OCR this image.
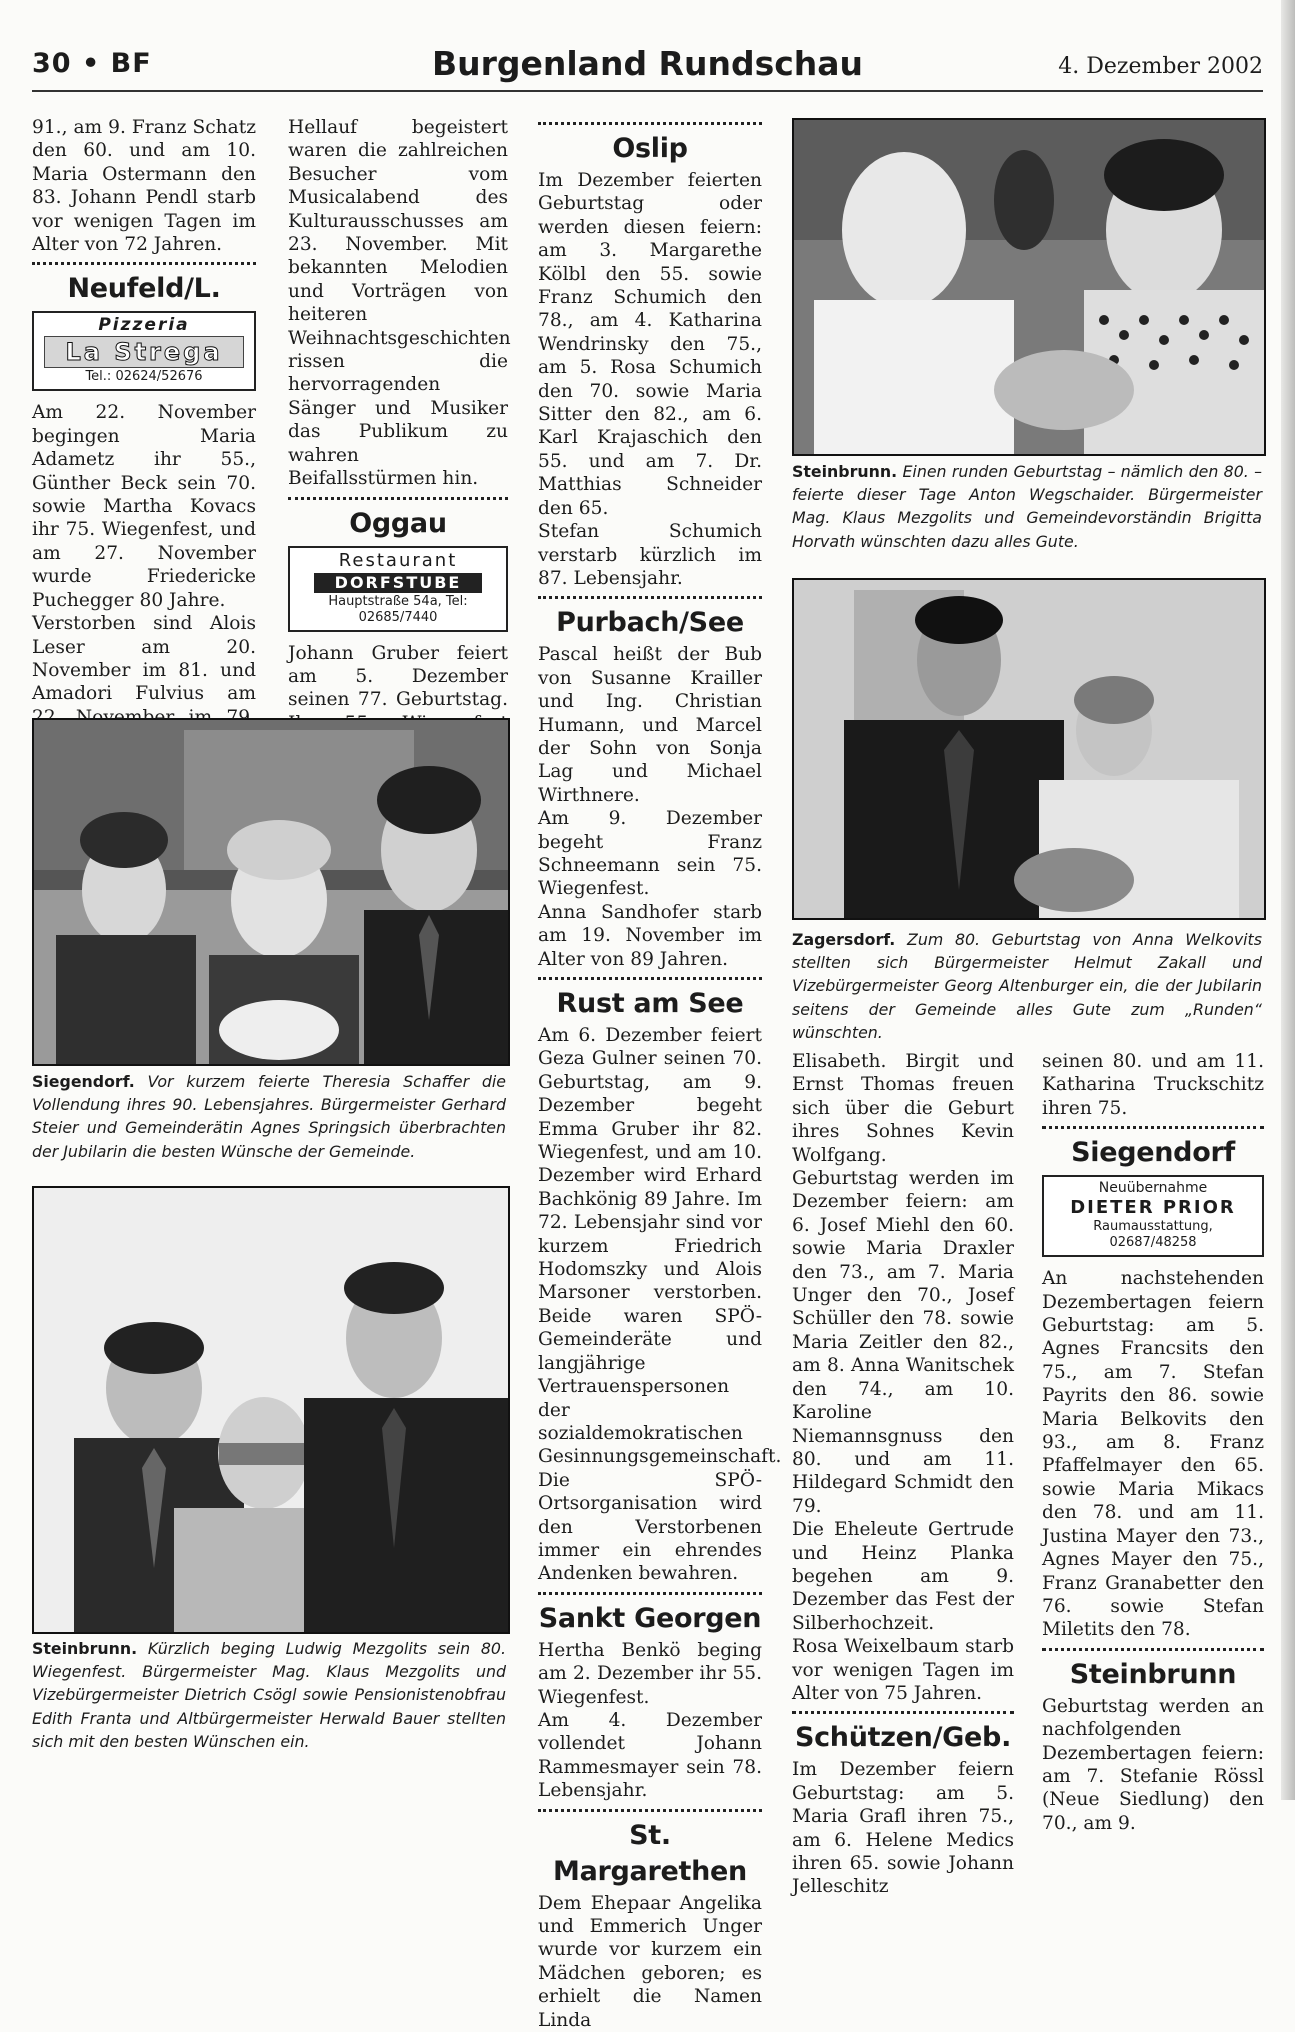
30 • BF	Burgenland Rundschau	4. Dezember 2002

91., am 9. Franz Schatz den 60. und am 10. Maria Ostermann den 83. Johann Pendl starb vor wenigen Tagen im Alter von 72 Jahren.

Neufeld/L.
Pizzeria
La Strega
Tel.: 02624/52676

Am 22. November begingen Maria Adametz ihr 55., Günther Beck sein 70. sowie Martha Kovacs ihr 75. Wiegenfest, und am 27. November wurde Friedericke Puchegger 80 Jahre.

Verstorben sind Alois Leser am 20. November im 81. und Amadori Fulvius am

Hellauf begeistert waren die zahlreichen Besucher vom Musicalabend des Kulturausschusses am 23. November. Mit bekannten Melodien und Vorträgen von heiteren Weihnachtsgeschichten rissen die hervorragenden Sänger und Musiker das Publikum zu wahren Beifallsstürmen hin.

Oggau
Restaurant
DORFSTUBE
Hauptstraße 54a, Tel: 02685/7440

Johann Gruber feiert am 5. Dezember seinen 77. Geburtstag.

Oslip

Im Dezember feierten Geburtstag oder werden diesen feiern: am 3. Margarethe Kölbl den 55. sowie Franz Schumich den 78., am 4. Katharina Wendrinsky den 75., am 5. Rosa Schumich den 70. sowie Maria Sitter den 82., am 6. Karl Krajaschich den 55. und am 7. Dr. Matthias Schneider den 65.

Stefan Schumich verstarb kürzlich im 87. Lebensjahr.

Purbach/See

Pascal heißt der Bub von Susanne Krailler und Ing. Christian Humann, und Marcel der Sohn von Sonja Lag und Michael Wirthnere.

Am 9. Dezember begeht Franz Schneemann sein 75. Wiegenfest.

Anna Sandhofer starb am 19. November im Alter von 89 Jahren.

Rust am See

Am 6. Dezember feiert Geza Gulner seinen 70. Geburtstag, am 9. Dezember begeht Emma Gruber ihr 82. Wiegenfest, und am 10. Dezember wird Erhard Bachkönig 89 Jahre. Im 72. Lebensjahr sind vor kurzem Friedrich Hodomszky und Alois Marsoner verstorben. Beide waren SPÖ-Gemeinderäte und langjährige Vertrauenspersonen der sozialdemokratischen Gesinnungsgemeinschaft. Die SPÖ-Ortsorganisation wird den Verstorbenen immer ein ehrendes Andenken bewahren.

Sankt Georgen

Hertha Benkö beging am 2. Dezember ihr 55. Wiegenfest.

Am 4. Dezember vollendet Johann Rammesmayer sein 78. Lebensjahr.

St. Margarethen

Dem Ehepaar Angelika und Emmerich Unger wurde vor kurzem ein Mädchen geboren; es erhielt die Namen Linda

Elisabeth. Birgit und Ernst Thomas freuen sich über die Geburt ihres Sohnes Kevin Wolfgang.

Geburtstag werden im Dezember feiern: am 6. Josef Miehl den 60. sowie Maria Draxler den 73., am 7. Maria Unger den 70., Josef Schüller den 78. sowie Maria Zeitler den 82., am 8. Anna Wanitschek den 74., am 10. Karoline Niemannsgnuss den 80. und am 11. Hildegard Schmidt den 79.

Die Eheleute Gertrude und Heinz Planka begehen am 9. Dezember das Fest der Silberhochzeit.

Rosa Weixelbaum starb vor wenigen Tagen im Alter von 75 Jahren.

Schützen/Geb.

Im Dezember feiern Geburtstag: am 5. Maria Grafl ihren 75., am 6. Helene Medics ihren 65. sowie Johann Jelleschitz

seinen 80. und am 11. Katharina Truckschitz ihren 75.

Siegendorf
Neuübernahme
DIETER PRIOR
Raumausstattung, 02687/48258

An nachstehenden Dezembertagen feiern Geburtstag: am 5. Agnes Francsits den 75., am 7. Stefan Payrits den 86. sowie Maria Belkovits den 93., am 8. Franz Pfaffelmayer den 65. sowie Maria Mikacs den 78. und am 11. Justina Mayer den 73., Agnes Mayer den 75., Franz Granabetter den 76. sowie Stefan Miletits den 78.

Steinbrunn

Geburtstag werden an nachfolgenden Dezembertagen feiern: am 7. Stefanie Rössl (Neue Siedlung) den 70., am 9.

Siegendorf. Vor kurzem feierte Theresia Schaffer die Vollendung ihres 90. Lebensjahres. Bürgermeister Gerhard Steier und Gemeinderätin Agnes Springsich überbrachten der Jubilarin die besten Wünsche der Gemeinde.
Steinbrunn. Kürzlich beging Ludwig Mezgolits sein 80. Wiegenfest. Bürgermeister Mag. Klaus Mezgolits und Vizebürgermeister Dietrich Csögl sowie Pensionistenobfrau Edith Franta und Altbürgermeister Herwald Bauer stellten sich mit den besten Wünschen ein.
Steinbrunn. Einen runden Geburtstag – nämlich den 80. – feierte dieser Tage Anton Wegschaider. Bürgermeister Mag. Klaus Mezgolits und Gemeindevorständin Brigitta Horvath wünschten dazu alles Gute.
Zagersdorf. Zum 80. Geburtstag von Anna Welkovits stellten sich Bürgermeister Helmut Zakall und Vizebürgermeister Georg Altenburger ein, die der Jubilarin seitens der Gemeinde alles Gute zum „Runden“ wünschten.
